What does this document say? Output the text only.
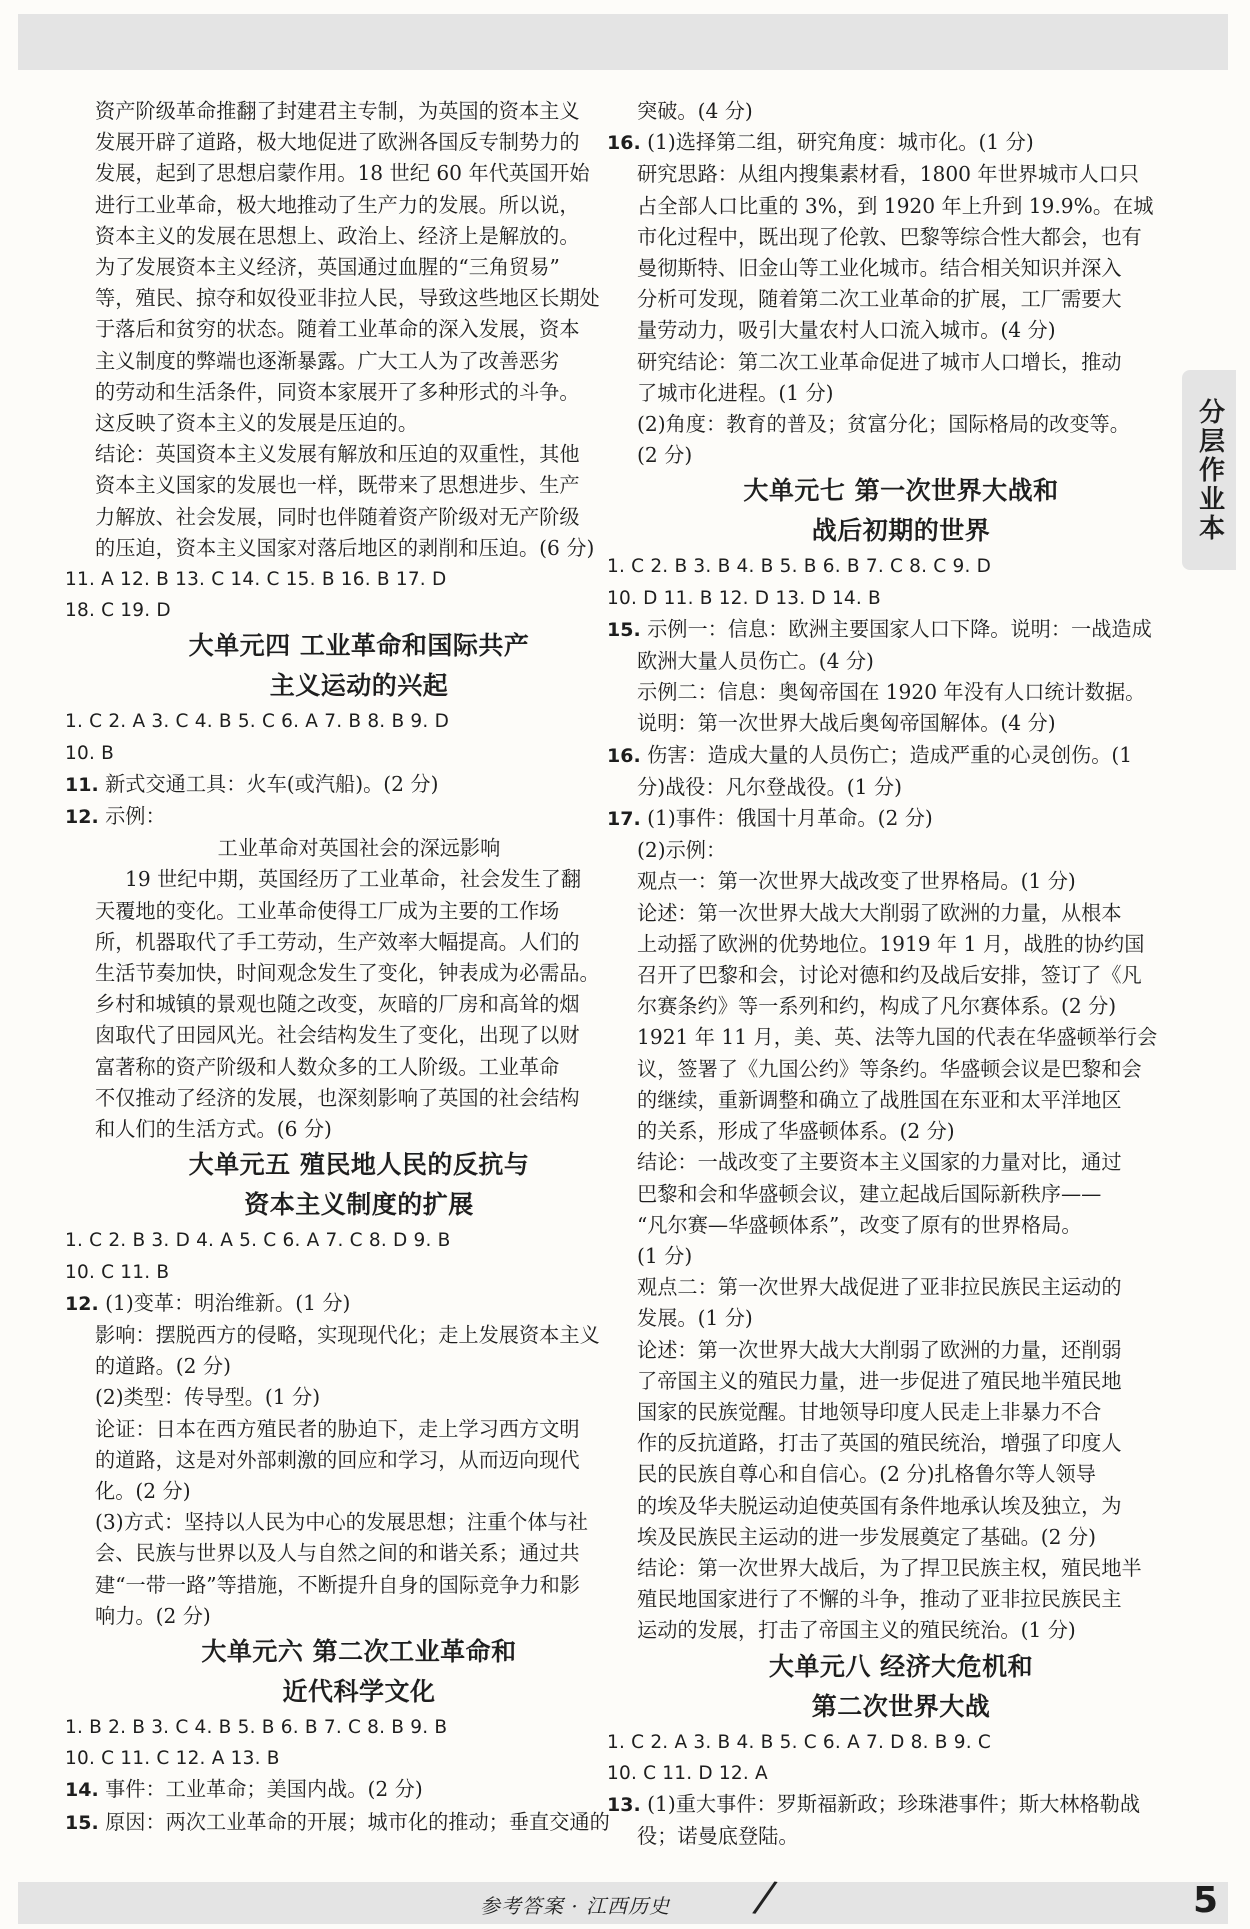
资产阶级革命推翻了封建君主专制，为英国的资本主义

发展开辟了道路，极大地促进了欧洲各国反专制势力的

发展，起到了思想启蒙作用。18 世纪 60 年代英国开始

进行工业革命，极大地推动了生产力的发展。所以说，

资本主义的发展在思想上、政治上、经济上是解放的。

为了发展资本主义经济，英国通过血腥的“三角贸易”

等，殖民、掠夺和奴役亚非拉人民，导致这些地区长期处

于落后和贫穷的状态。随着工业革命的深入发展，资本

主义制度的弊端也逐渐暴露。广大工人为了改善恶劣

的劳动和生活条件，同资本家展开了多种形式的斗争。

这反映了资本主义的发展是压迫的。

结论：英国资本主义发展有解放和压迫的双重性，其他

资本主义国家的发展也一样，既带来了思想进步、生产

力解放、社会发展，同时也伴随着资产阶级对无产阶级

的压迫，资本主义国家对落后地区的剥削和压迫。(6 分)

11. A 12. B 13. C 14. C 15. B 16. B 17. D

18. C 19. D

大单元四 工业革命和国际共产
主义运动的兴起

1. C 2. A 3. C 4. B 5. C 6. A 7. B 8. B 9. D

10. B

11. 新式交通工具：火车(或汽船)。(2 分)

12. 示例：

工业革命对英国社会的深远影响

19 世纪中期，英国经历了工业革命，社会发生了翻

天覆地的变化。工业革命使得工厂成为主要的工作场

所，机器取代了手工劳动，生产效率大幅提高。人们的

生活节奏加快，时间观念发生了变化，钟表成为必需品。

乡村和城镇的景观也随之改变，灰暗的厂房和高耸的烟

囱取代了田园风光。社会结构发生了变化，出现了以财

富著称的资产阶级和人数众多的工人阶级。工业革命

不仅推动了经济的发展，也深刻影响了英国的社会结构

和人们的生活方式。(6 分)

大单元五 殖民地人民的反抗与
资本主义制度的扩展

1. C 2. B 3. D 4. A 5. C 6. A 7. C 8. D 9. B

10. C 11. B

12. (1)变革：明治维新。(1 分)

影响：摆脱西方的侵略，实现现代化；走上发展资本主义

的道路。(2 分)

(2)类型：传导型。(1 分)

论证：日本在西方殖民者的胁迫下，走上学习西方文明

的道路，这是对外部刺激的回应和学习，从而迈向现代

化。(2 分)

(3)方式：坚持以人民为中心的发展思想；注重个体与社

会、民族与世界以及人与自然之间的和谐关系；通过共

建“一带一路”等措施，不断提升自身的国际竞争力和影

响力。(2 分)

大单元六 第二次工业革命和
近代科学文化

1. B 2. B 3. C 4. B 5. B 6. B 7. C 8. B 9. B

10. C 11. C 12. A 13. B

14. 事件：工业革命；美国内战。(2 分)

15. 原因：两次工业革命的开展；城市化的推动；垂直交通的

突破。(4 分)

16. (1)选择第二组，研究角度：城市化。(1 分)

研究思路：从组内搜集素材看，1800 年世界城市人口只

占全部人口比重的 3%，到 1920 年上升到 19.9%。在城

市化过程中，既出现了伦敦、巴黎等综合性大都会，也有

曼彻斯特、旧金山等工业化城市。结合相关知识并深入

分析可发现，随着第二次工业革命的扩展，工厂需要大

量劳动力，吸引大量农村人口流入城市。(4 分)

研究结论：第二次工业革命促进了城市人口增长，推动

了城市化进程。(1 分)

(2)角度：教育的普及；贫富分化；国际格局的改变等。

(2 分)

大单元七 第一次世界大战和
战后初期的世界

1. C 2. B 3. B 4. B 5. B 6. B 7. C 8. C 9. D

10. D 11. B 12. D 13. D 14. B

15. 示例一：信息：欧洲主要国家人口下降。说明：一战造成

欧洲大量人员伤亡。(4 分)

示例二：信息：奥匈帝国在 1920 年没有人口统计数据。

说明：第一次世界大战后奥匈帝国解体。(4 分)

16. 伤害：造成大量的人员伤亡；造成严重的心灵创伤。(1

分)战役：凡尔登战役。(1 分)

17. (1)事件：俄国十月革命。(2 分)

(2)示例：

观点一：第一次世界大战改变了世界格局。(1 分)

论述：第一次世界大战大大削弱了欧洲的力量，从根本

上动摇了欧洲的优势地位。1919 年 1 月，战胜的协约国

召开了巴黎和会，讨论对德和约及战后安排，签订了《凡

尔赛条约》等一系列和约，构成了凡尔赛体系。(2 分)

1921 年 11 月，美、英、法等九国的代表在华盛顿举行会

议，签署了《九国公约》等条约。华盛顿会议是巴黎和会

的继续，重新调整和确立了战胜国在东亚和太平洋地区

的关系，形成了华盛顿体系。(2 分)

结论：一战改变了主要资本主义国家的力量对比，通过

巴黎和会和华盛顿会议，建立起战后国际新秩序——

“凡尔赛—华盛顿体系”，改变了原有的世界格局。

(1 分)

观点二：第一次世界大战促进了亚非拉民族民主运动的

发展。(1 分)

论述：第一次世界大战大大削弱了欧洲的力量，还削弱

了帝国主义的殖民力量，进一步促进了殖民地半殖民地

国家的民族觉醒。甘地领导印度人民走上非暴力不合

作的反抗道路，打击了英国的殖民统治，增强了印度人

民的民族自尊心和自信心。(2 分)扎格鲁尔等人领导

的埃及华夫脱运动迫使英国有条件地承认埃及独立，为

埃及民族民主运动的进一步发展奠定了基础。(2 分)

结论：第一次世界大战后，为了捍卫民族主权，殖民地半

殖民地国家进行了不懈的斗争，推动了亚非拉民族民主

运动的发展，打击了帝国主义的殖民统治。(1 分)

大单元八 经济大危机和
第二次世界大战

1. C 2. A 3. B 4. B 5. C 6. A 7. D 8. B 9. C

10. C 11. D 12. A

13. (1)重大事件：罗斯福新政；珍珠港事件；斯大林格勒战

役；诺曼底登陆。

分层作业本
参考答案 · 江西历史 /	5
